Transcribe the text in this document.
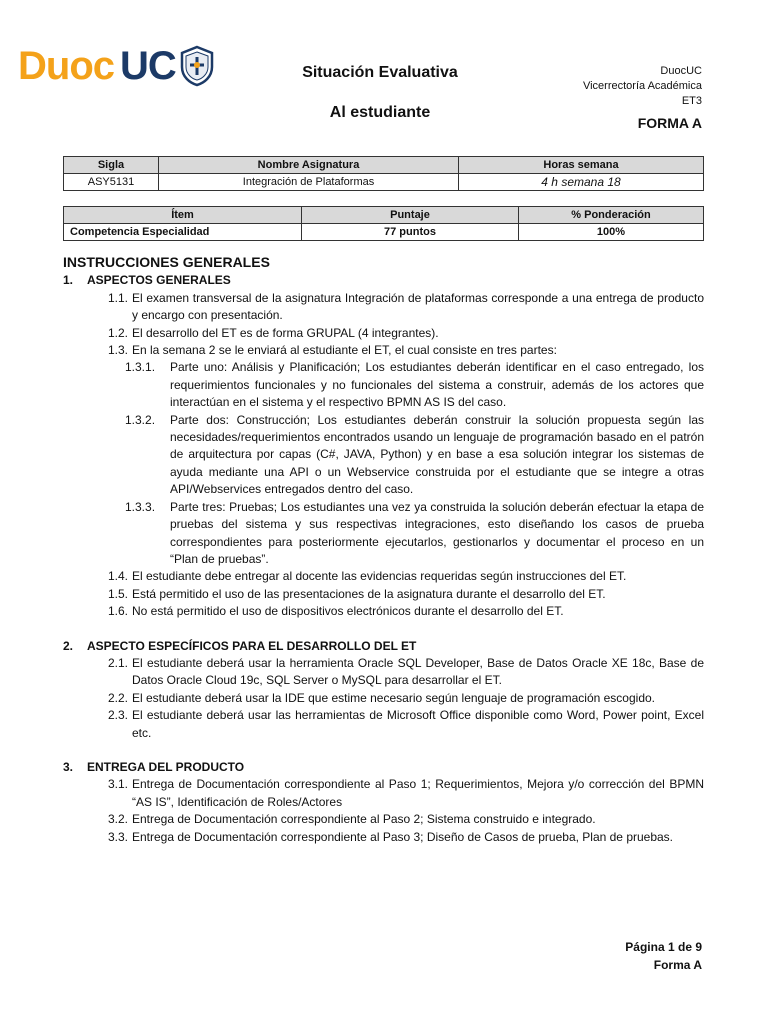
Duoc UC	Situación Evaluativa
Al estudiante
DuocUC
Vicerrectoría Académica
ET3
FORMA A
Sigla	Nombre Asignatura	Horas semana
ASY5131	Integración de Plataformas	4 h semana 18
Ítem	Puntaje	% Ponderación
Competencia Especialidad	77 puntos	100%
INSTRUCCIONES GENERALES
1.	ASPECTOS GENERALES
1.1. El examen transversal de la asignatura Integración de plataformas corresponde a una entrega de producto y encargo con presentación.
1.2. El desarrollo del ET es de forma GRUPAL (4 integrantes).
1.3. En la semana 2 se le enviará al estudiante el ET, el cual consiste en tres partes:
1.3.1.	Parte uno: Análisis y Planificación; Los estudiantes deberán identificar en el caso entregado, los requerimientos funcionales y no funcionales del sistema a construir, además de los actores que interactúan en el sistema y el respectivo BPMN AS IS del caso.
1.3.2.	Parte dos: Construcción; Los estudiantes deberán construir la solución propuesta según las necesidades/requerimientos encontrados usando un lenguaje de programación basado en el patrón de arquitectura por capas (C#, JAVA, Python) y en base a esa solución integrar los sistemas de ayuda mediante una API o un Webservice construida por el estudiante que se integre a otras API/Webservices entregados dentro del caso.
1.3.3.	Parte tres: Pruebas; Los estudiantes una vez ya construida la solución deberán efectuar la etapa de pruebas del sistema y sus respectivas integraciones, esto diseñando los casos de prueba correspondientes para posteriormente ejecutarlos, gestionarlos y documentar el proceso en un “Plan de pruebas”.
1.4. El estudiante debe entregar al docente las evidencias requeridas según instrucciones del ET.
1.5. Está permitido el uso de las presentaciones de la asignatura durante el desarrollo del ET.
1.6. No está permitido el uso de dispositivos electrónicos durante el desarrollo del ET.
2.	ASPECTO ESPECÍFICOS PARA EL DESARROLLO DEL ET
2.1. El estudiante deberá usar la herramienta Oracle SQL Developer, Base de Datos Oracle XE 18c, Base de Datos Oracle Cloud 19c, SQL Server o MySQL para desarrollar el ET.
2.2. El estudiante deberá usar la IDE que estime necesario según lenguaje de programación escogido.
2.3. El estudiante deberá usar las herramientas de Microsoft Office disponible como Word, Power point, Excel etc.
3.	ENTREGA DEL PRODUCTO
3.1. Entrega de Documentación correspondiente al Paso 1; Requerimientos, Mejora y/o corrección del BPMN “AS IS”, Identificación de Roles/Actores
3.2. Entrega de Documentación correspondiente al Paso 2; Sistema construido e integrado.
3.3. Entrega de Documentación correspondiente al Paso 3; Diseño de Casos de prueba, Plan de pruebas.
Página 1 de 9
Forma A
